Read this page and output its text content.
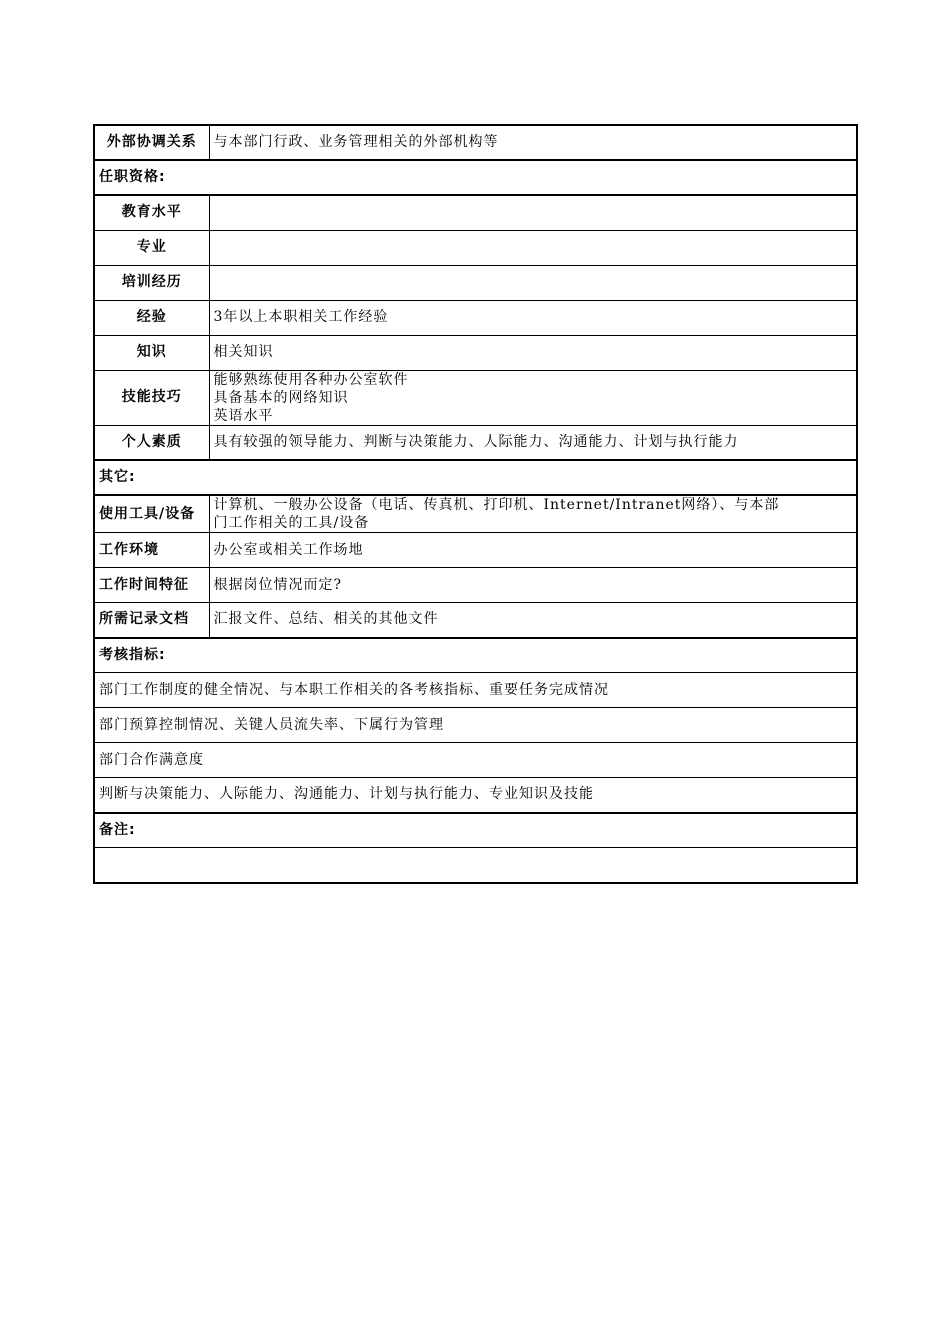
外部协调关系	与本部门行政、业务管理相关的外部机构等
任职资格:	
教育水平	
专业	
培训经历	
经验	3年以上本职相关工作经验
知识	相关知识
技能技巧	能够熟练使用各种办公室软件
具备基本的网络知识
英语水平

个人素质	具有较强的领导能力、判断与决策能力、人际能力、沟通能力、计划与执行能力
其它:	
使用工具/设备	计算机、一般办公设备（电话、传真机、打印机、Internet/Intranet网络）、与本部
门工作相关的工具/设备

工作环境	办公室或相关工作场地
工作时间特征	根据岗位情况而定?
所需记录文档	汇报文件、总结、相关的其他文件
考核指标:	
部门工作制度的健全情况、与本职工作相关的各考核指标、重要任务完成情况	
部门预算控制情况、关键人员流失率、下属行为管理	
部门合作满意度	
判断与决策能力、人际能力、沟通能力、计划与执行能力、专业知识及技能	
备注:	
